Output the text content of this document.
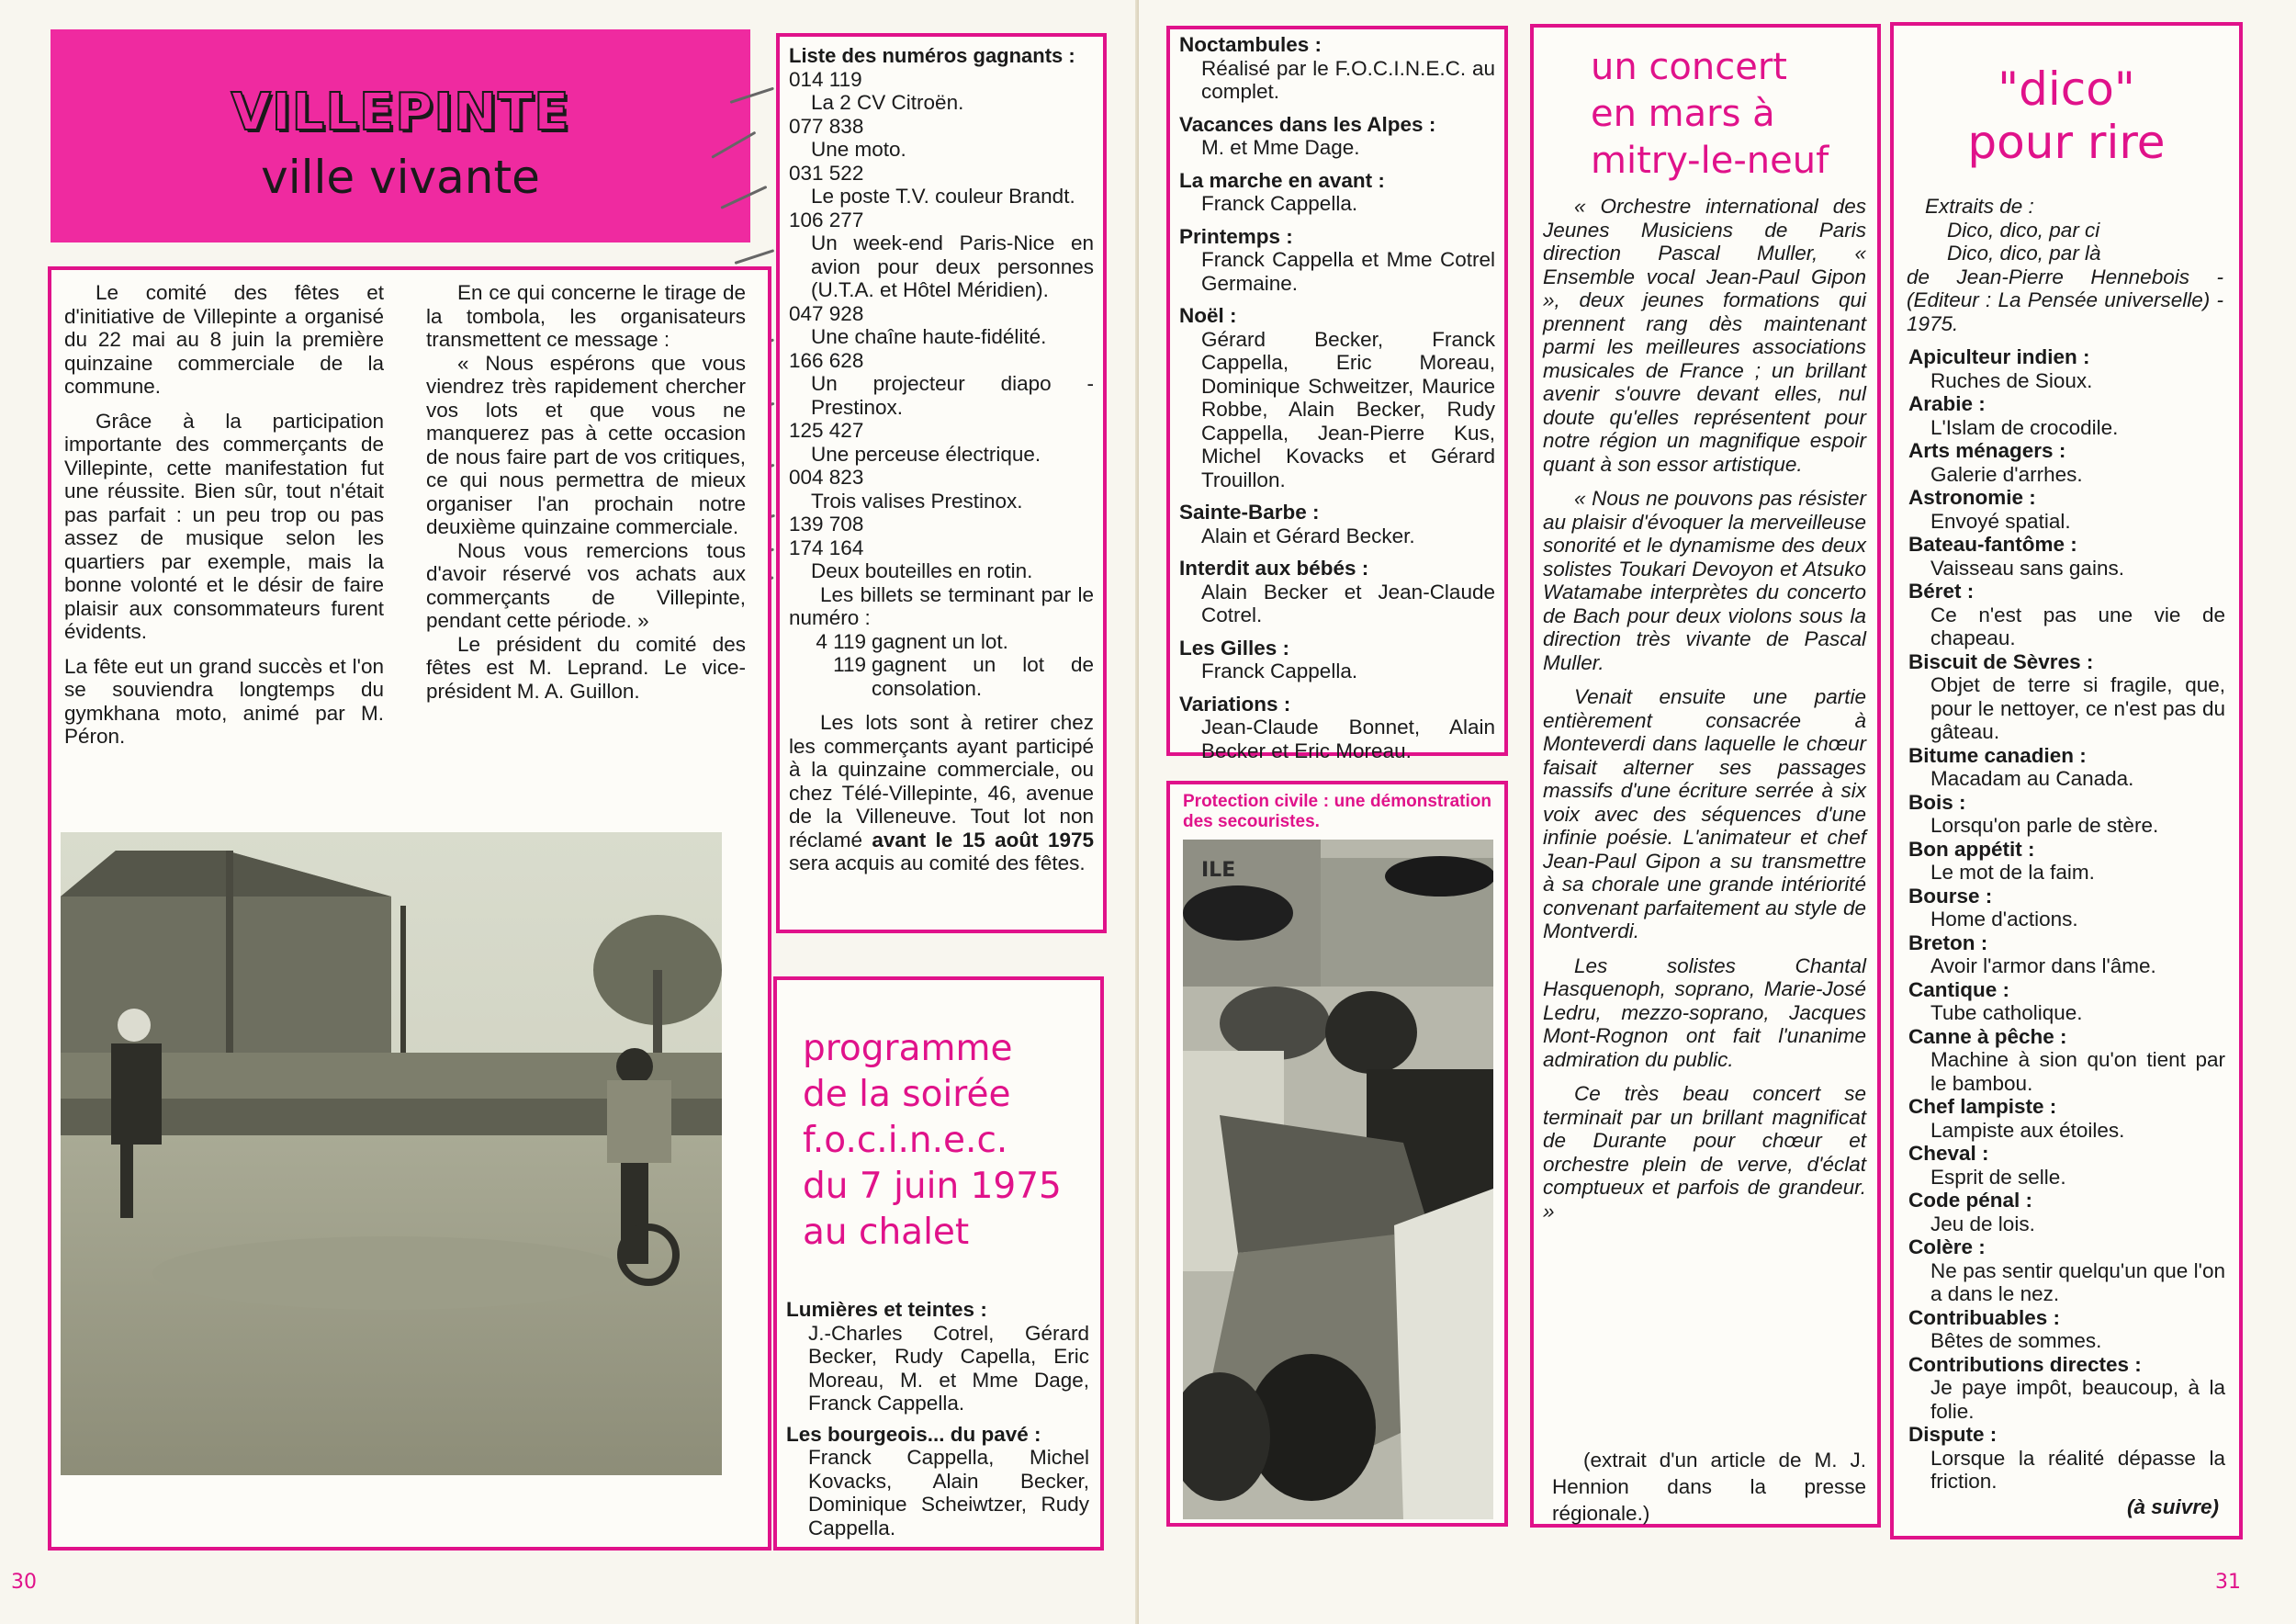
VILLEPINTE
ville vivante

Le comité des fêtes et d'initiative de Villepinte a organisé du 22 mai au 8 juin la première quinzaine commerciale de la commune.

Grâce à la participation importante des commerçants de Villepinte, cette manifestation fut une réussite. Bien sûr, tout n'était pas parfait : un peu trop ou pas assez de musique selon les quartiers par exemple, mais la bonne volonté et le désir de faire plaisir aux consommateurs furent évidents.

La fête eut un grand succès et l'on se souviendra longtemps du gymkhana moto, animé par M. Péron.

En ce qui concerne le tirage de la tombola, les organisateurs transmettent ce message :

« Nous espérons que vous viendrez très rapidement chercher vos lots et que vous ne manquerez pas à cette occasion de nous faire part de vos critiques, ce qui nous permettra de mieux organiser l'an prochain notre deuxième quinzaine commerciale.

Nous vous remercions tous d'avoir réservé vos achats aux commerçants de Villepinte, pendant cette période. »

Le président du comité des fêtes est M. Leprand. Le vice-président M. A. Guillon.

Liste des numéros gagnants :
014 119
La 2 CV Citroën.
077 838
Une moto.
031 522
Le poste T.V. couleur Brandt.
106 277
Un week-end Paris-Nice en avion pour deux personnes (U.T.A. et Hôtel Méridien).
047 928
Une chaîne haute-fidélité.
166 628
Un projecteur diapo - Prestinox.
125 427
Une perceuse électrique.
004 823
Trois valises Prestinox.
139 708
174 164
Deux bouteilles en rotin.

Les billets se terminant par le numéro :

4 119 gagnent un lot.
119 gagnent un lot de consolation.

Les lots sont à retirer chez les commerçants ayant participé à la quinzaine commerciale, ou chez Télé-Villepinte, 46, avenue de la Villeneuve. Tout lot non réclamé avant le 15 août 1975 sera acquis au comité des fêtes.

programme
de la soirée
f.o.c.i.n.e.c.
du 7 juin 1975
au chalet
Lumières et teintes :
J.-Charles Cotrel, Gérard Becker, Rudy Capella, Eric Moreau, M. et Mme Dage, Franck Cappella.
Les bourgeois... du pavé :
Franck Cappella, Michel Kovacks, Alain Becker, Dominique Scheiwtzer, Rudy Cappella.
30
Noctambules :
Réalisé par le F.O.C.I.N.E.C. au complet.
Vacances dans les Alpes :
M. et Mme Dage.
La marche en avant :
Franck Cappella.
Printemps :
Franck Cappella et Mme Cotrel Germaine.
Noël :
Gérard Becker, Franck Cappella, Eric Moreau, Dominique Schweitzer, Maurice Robbe, Alain Becker, Rudy Cappella, Jean-Pierre Kus, Michel Kovacks et Gérard Trouillon.
Sainte-Barbe :
Alain et Gérard Becker.
Interdit aux bébés :
Alain Becker et Jean-Claude Cotrel.
Les Gilles :
Franck Cappella.
Variations :
Jean-Claude Bonnet, Alain Becker et Eric Moreau.
Protection civile : une démonstration des secouristes.
ILE
un concert
en mars à
mitry-le-neuf

« Orchestre international des Jeunes Musiciens de Paris direction Pascal Muller, « Ensemble vocal Jean-Paul Gipon », deux jeunes formations qui prennent rang dès maintenant parmi les meilleures associations musicales de France ; un brillant avenir s'ouvre devant elles, nul doute qu'elles représentent pour notre région un magnifique espoir quant à son essor artistique.

« Nous ne pouvons pas résister au plaisir d'évoquer la merveilleuse sonorité et le dynamisme des deux solistes Toukari Devoyon et Atsuko Watamabe interprètes du concerto de Bach pour deux violons sous la direction très vivante de Pascal Muller.

Venait ensuite une partie entièrement consacrée à Monteverdi dans laquelle le chœur faisait alterner ses passages massifs d'une écriture serrée à six voix avec des séquences d'une infinie poésie. L'animateur et chef Jean-Paul Gipon a su transmettre à sa chorale une grande intériorité convenant parfaitement au style de Montverdi.

Les solistes Chantal Hasquenoph, soprano, Marie-José Ledru, mezzo-soprano, Jacques Mont-Rognon ont fait l'unanime admiration du public.

Ce très beau concert se terminait par un brillant magnificat de Durante pour chœur et orchestre plein de verve, d'éclat comptueux et parfois de grandeur. »

(extrait d'un article de M. J. Hennion dans la presse régionale.)

"dico"
pour rire
Extraits de :
Dico, dico, par ci
Dico, dico, par là
de Jean-Pierre Hennebois - (Editeur : La Pensée universelle) - 1975.
Apiculteur indien :
Ruches de Sioux.
Arabie :
L'Islam de crocodile.
Arts ménagers :
Galerie d'arrhes.
Astronomie :
Envoyé spatial.
Bateau-fantôme :
Vaisseau sans gains.
Béret :
Ce n'est pas une vie de chapeau.
Biscuit de Sèvres :
Objet de terre si fragile, que, pour le nettoyer, ce n'est pas du gâteau.
Bitume canadien :
Macadam au Canada.
Bois :
Lorsqu'on parle de stère.
Bon appétit :
Le mot de la faim.
Bourse :
Home d'actions.
Breton :
Avoir l'armor dans l'âme.
Cantique :
Tube catholique.
Canne à pêche :
Machine à sion qu'on tient par le bambou.
Chef lampiste :
Lampiste aux étoiles.
Cheval :
Esprit de selle.
Code pénal :
Jeu de lois.
Colère :
Ne pas sentir quelqu'un que l'on a dans le nez.
Contribuables :
Bêtes de sommes.
Contributions directes :
Je paye impôt, beaucoup, à la folie.
Dispute :
Lorsque la réalité dépasse la friction.
(à suivre)
31
